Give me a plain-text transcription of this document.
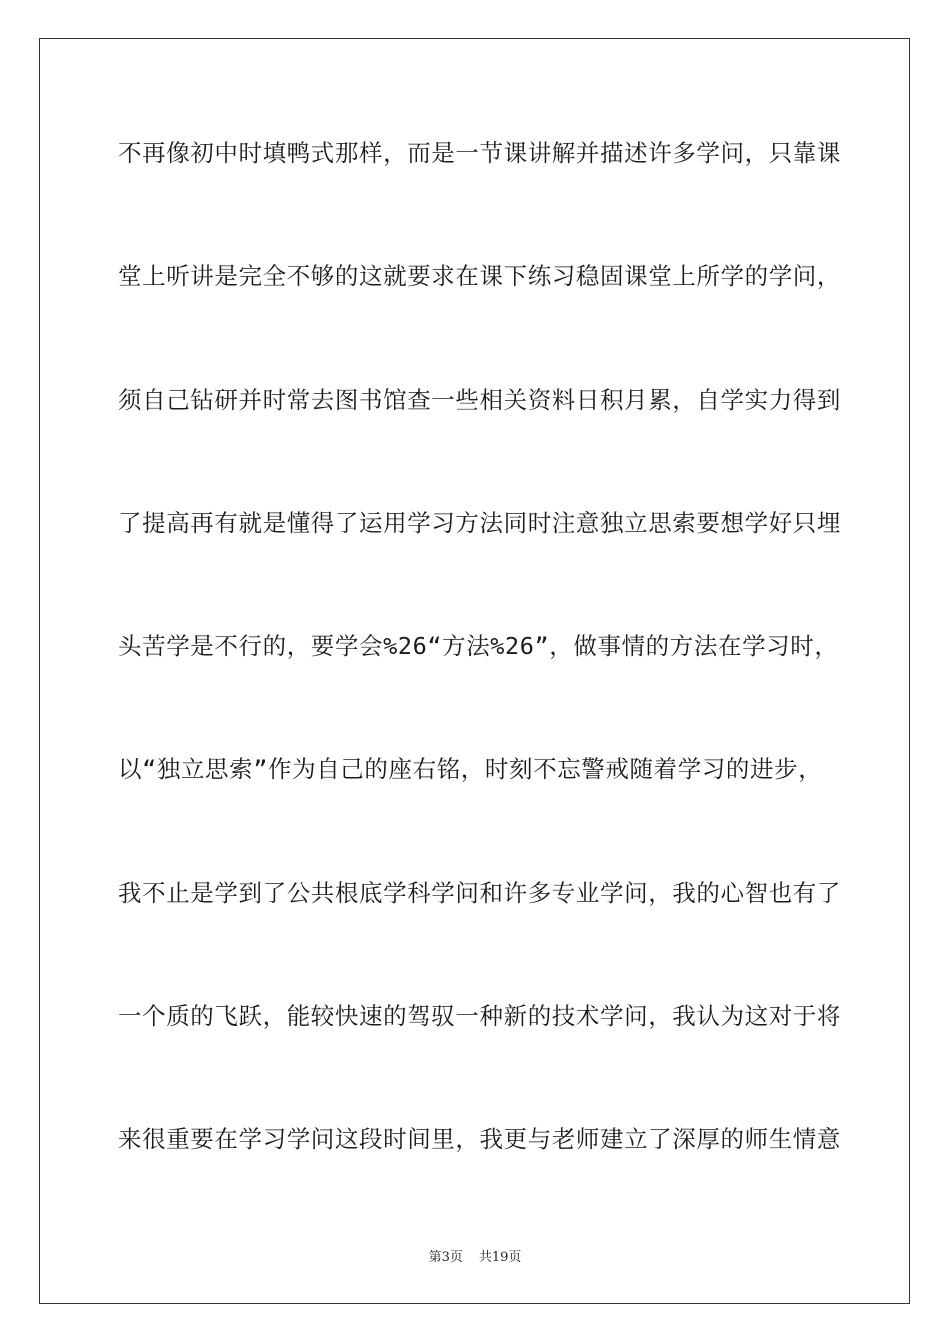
不再像初中时填鸭式那样，而是一节课讲解并描述许多学问，只靠课
堂上听讲是完全不够的这就要求在课下练习稳固课堂上所学的学问，
须自己钻研并时常去图书馆查一些相关资料日积月累，自学实力得到
了提高再有就是懂得了运用学习方法同时注意独立思索要想学好只埋
头苦学是不行的，要学会%26“方法%26”，做事情的方法在学习时，
以“独立思索”作为自己的座右铭，时刻不忘警戒随着学习的进步，
我不止是学到了公共根底学科学问和许多专业学问，我的心智也有了
一个质的飞跃，能较快速的驾驭一种新的技术学问，我认为这对于将
来很重要在学习学问这段时间里，我更与老师建立了深厚的师生情意
第3页 共19页
